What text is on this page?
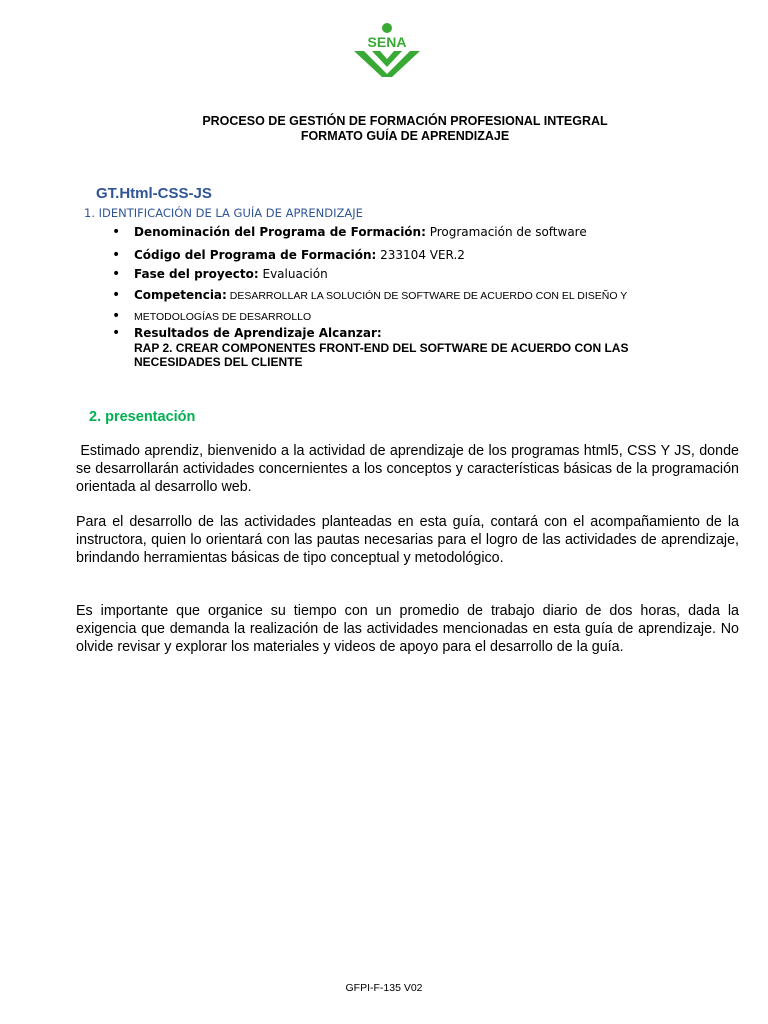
SENA
PROCESO DE GESTIÓN DE FORMACIÓN PROFESIONAL INTEGRAL
FORMATO GUÍA DE APRENDIZAJE
GT.Html-CSS-JS
1. IDENTIFICACIÓN DE LA GUÍA DE APRENDIZAJE
• Denominación del Programa de Formación: Programación de software
• Código del Programa de Formación: 233104 VER.2
• Fase del proyecto: Evaluación
• Competencia: DESARROLLAR LA SOLUCIÓN DE SOFTWARE DE ACUERDO CON EL DISEÑO Y
• METODOLOGÍAS DE DESARROLLO
• Resultados de Aprendizaje Alcanzar:
RAP 2. CREAR COMPONENTES FRONT-END DEL SOFTWARE DE ACUERDO CON LAS NECESIDADES DEL CLIENTE
2. presentación
Estimado aprendiz, bienvenido a la actividad de aprendizaje de los programas html5, CSS Y JS, donde se desarrollarán actividades concernientes a los conceptos y características básicas de la programación orientada al desarrollo web.
Para el desarrollo de las actividades planteadas en esta guía, contará con el acompañamiento de la instructora, quien lo orientará con las pautas necesarias para el logro de las actividades de aprendizaje, brindando herramientas básicas de tipo conceptual y metodológico.
Es importante que organice su tiempo con un promedio de trabajo diario de dos horas, dada la exigencia que demanda la realización de las actividades mencionadas en esta guía de aprendizaje. No olvide revisar y explorar los materiales y videos de apoyo para el desarrollo de la guía.
GFPI-F-135 V02
